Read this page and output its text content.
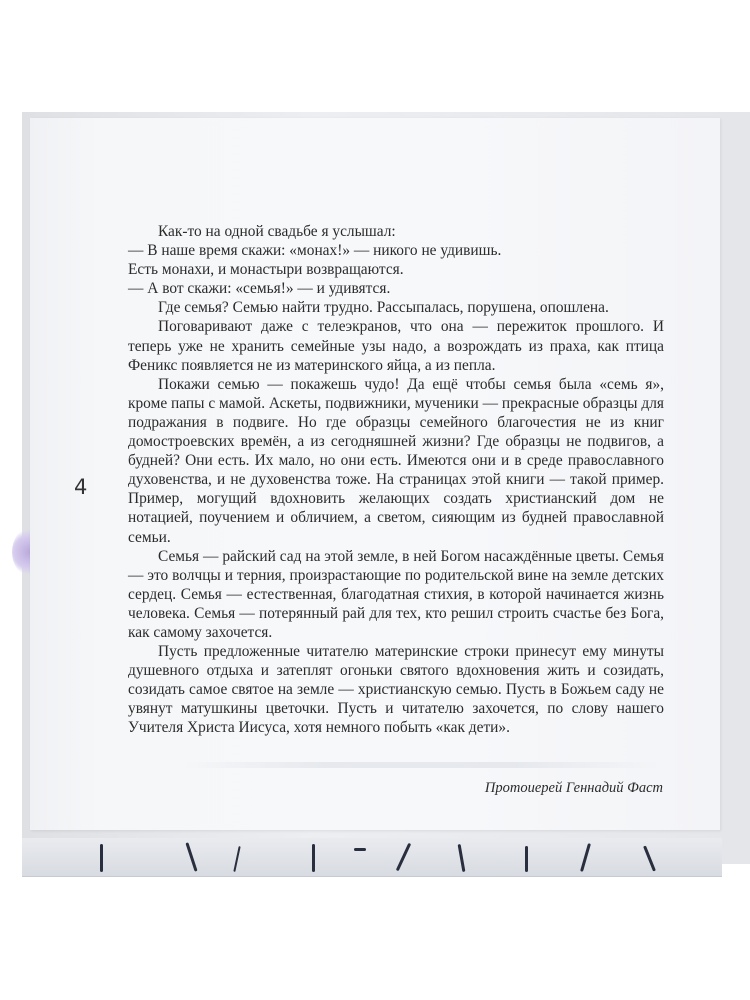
4

Как-то на одной свадьбе я услышал:

— В наше время скажи: «монах!» — никого не удивишь.

Есть монахи, и монастыри возвращаются.

— А вот скажи: «семья!» — и удивятся.

Где семья? Семью найти трудно. Рассыпалась, порушена, опошлена.

Поговаривают даже с телеэкранов, что она — пережиток прошлого. И теперь уже не хранить семейные узы надо, а возрождать из праха, как птица Феникс появляется не из материнского яйца, а из пепла.

Покажи семью — покажешь чудо! Да ещё чтобы семья была «семь я», кроме папы с мамой. Аскеты, подвижники, мученики — прекрасные образцы для подражания в подвиге. Но где образцы семейного благочестия не из книг домостроевских времён, а из сегодняшней жизни? Где образцы не подвигов, а будней? Они есть. Их мало, но они есть. Имеются они и в среде православного духовенства, и не духовенства тоже. На страницах этой книги — такой пример. Пример, могущий вдохновить желающих создать христианский дом не нотацией, поучением и обличием, а светом, сияющим из будней православной семьи.

Семья — райский сад на этой земле, в ней Богом насаждённые цветы. Семья — это волчцы и терния, произрастающие по родительской вине на земле детских сердец. Семья — естественная, благодатная стихия, в которой начинается жизнь человека. Семья — потерянный рай для тех, кто решил строить счастье без Бога, как самому захочется.

Пусть предложенные читателю материнские строки принесут ему минуты душевного отдыха и затеплят огоньки святого вдохновения жить и созидать, созидать самое святое на земле — христианскую семью. Пусть в Божьем саду не увянут матушкины цветочки. Пусть и читателю захочется, по слову нашего Учителя Христа Иисуса, хотя немного побыть «как дети».

Протоиерей Геннадий Фаст
